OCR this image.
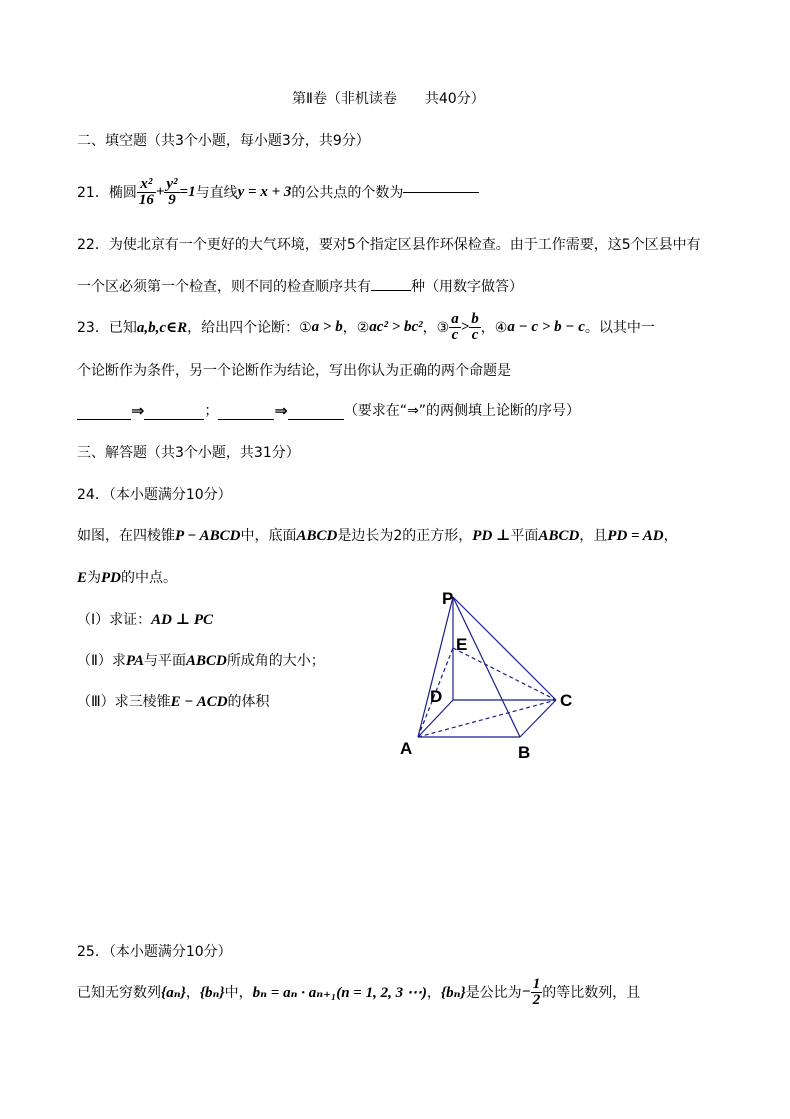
第Ⅱ卷（非机读卷　　共40分）
二、填空题（共3个小题，每小题3分，共9分）
21． 椭圆 $\frac{\text{x²}}{16} + \frac{\text{y²}}{9} =1$ 与直线 y = x + 3 的公共点的个数为
22．为使北京有一个更好的大气环境，要对5个指定区县作环保检查。由于工作需要，这5个区县中有
一个区必须第一个检查，则不同的检查顺序共有	种（用数字做答）
23．已知 a,b,c∈R ，给出四个论断：① a > b ，② ac² > bc² ，③ $\frac{a}{c} > \frac{b}{c}$ ，④ a − c > b − c 。以其中一
个论断作为条件，另一个论断作为结论，写出你认为正确的两个命题是
⇒	；	⇒	（要求在“⇒”的两侧填上论断的序号）
三、解答题（共3个小题，共31分）
24．（本小题满分10分）
如图，在四棱锥P − ABCD中，底面ABCD是边长为2的正方形，PD ⊥平面ABCD，且PD = AD，
E为PD的中点。
（Ⅰ）求证：AD ⊥ PC
（Ⅱ）求PA与平面ABCD所成角的大小；
（Ⅲ）求三棱锥E − ACD的体积
P
E
D	C
A	B
25．（本小题满分10分）
已知无穷数列 {aₙ} ， {bₙ} 中， bₙ = aₙ · aₙ₊₁ (n = 1, 2, 3 ⋯) ， {bₙ} 是公比为 − $\frac{1}{2}$ 的等比数列，且
